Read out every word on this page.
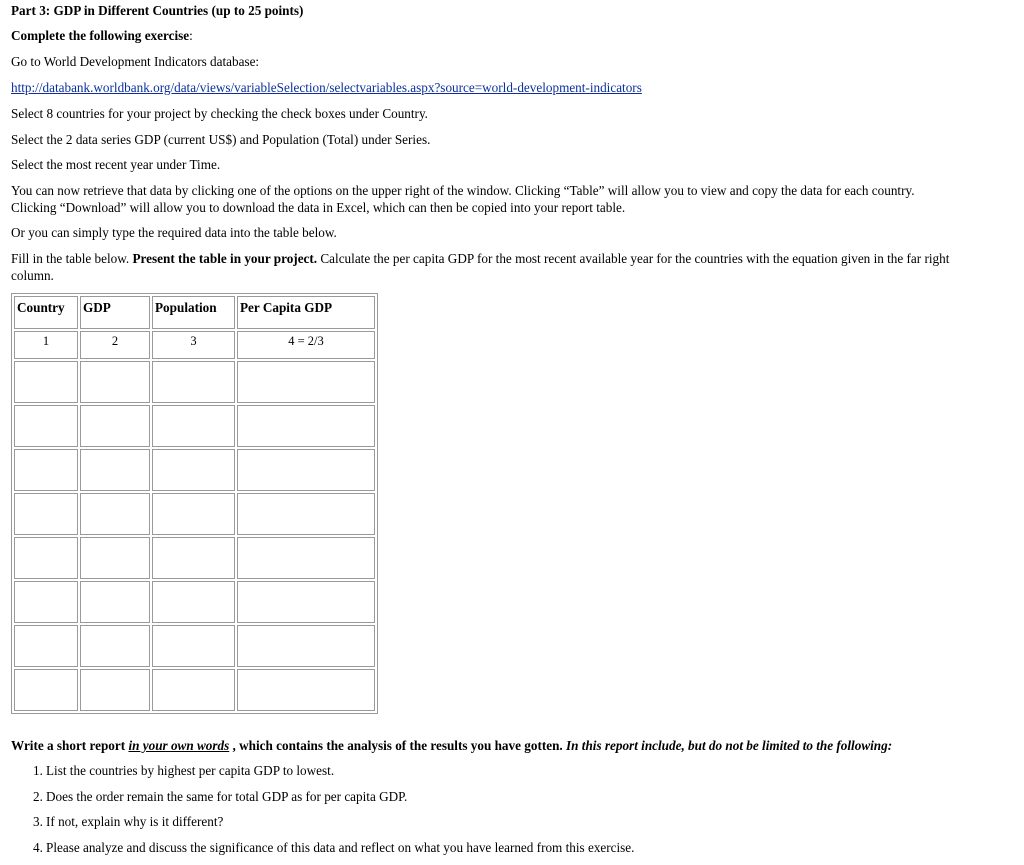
Part 3: GDP in Different Countries (up to 25 points)
Complete the following exercise:
Go to World Development Indicators database:
http://databank.worldbank.org/data/views/variableSelection/selectvariables.aspx?source=world-development-indicators
Select 8 countries for your project by checking the check boxes under Country.
Select the 2 data series GDP (current US$) and Population (Total) under Series.
Select the most recent year under Time.
You can now retrieve that data by clicking one of the options on the upper right of the window. Clicking “Table” will allow you to view and copy the data for each country.
Clicking “Download” will allow you to download the data in Excel, which can then be copied into your report table.
Or you can simply type the required data into the table below.
Fill in the table below. Present the table in your project. Calculate the per capita GDP for the most recent available year for the countries with the equation given in the far right
column.
Country	GDP	Population	Per Capita GDP
1	2	3	4 = 2/3

Write a short report in your own words , which contains the analysis of the results you have gotten. In this report include, but do not be limited to the following:
1. List the countries by highest per capita GDP to lowest.
2. Does the order remain the same for total GDP as for per capita GDP.
3. If not, explain why is it different?
4. Please analyze and discuss the significance of this data and reflect on what you have learned from this exercise.
